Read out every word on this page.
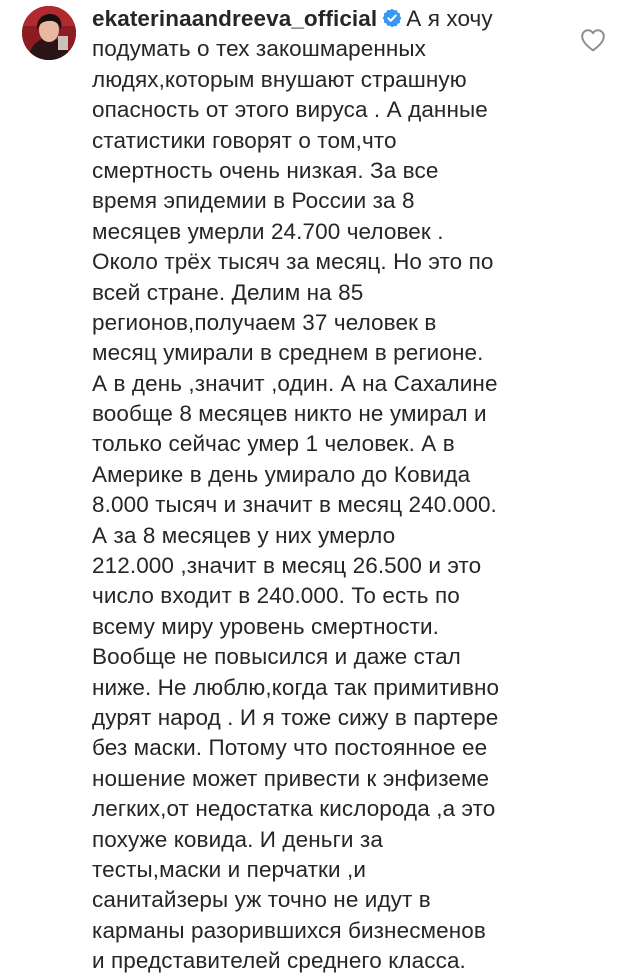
ekaterinaandreeva_official А я хочу
подумать о тех закошмаренных
людях,которым внушают страшную
опасность от этого вируса . А данные
статистики говорят о том,что
смертность очень низкая. За все
время эпидемии в России за 8
месяцев умерли 24.700 человек .
Около трёх тысяч за месяц. Но это по
всей стране. Делим на 85
регионов,получаем 37 человек в
месяц умирали в среднем в регионе.
А в день ,значит ,один. А на Сахалине
вообще 8 месяцев никто не умирал и
только сейчас умер 1 человек. А в
Америке в день умирало до Ковида
8.000 тысяч и значит в месяц 240.000.
А за 8 месяцев у них умерло
212.000 ,значит в месяц 26.500 и это
число входит в 240.000. То есть по
всему миру уровень смертности.
Вообще не повысился и даже стал
ниже. Не люблю,когда так примитивно
дурят народ . И я тоже сижу в партере
без маски. Потому что постоянное ее
ношение может привести к энфиземе
легких,от недостатка кислорода ,а это
похуже ковида. И деньги за
тесты,маски и перчатки ,и
санитайзеры уж точно не идут в
карманы разорившихся бизнесменов
и представителей среднего класса.
